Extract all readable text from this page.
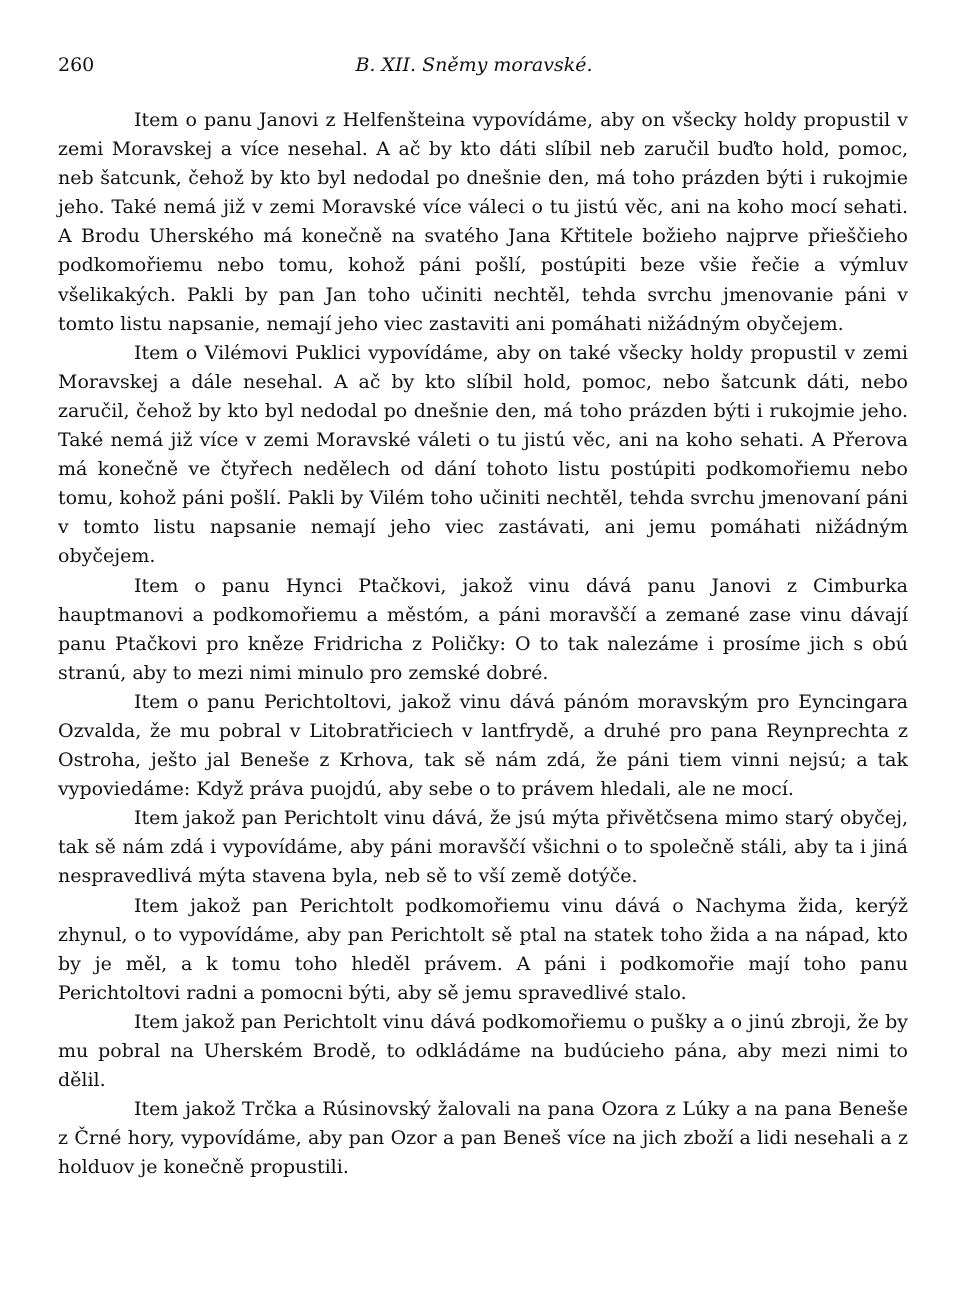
260	B. XII. Sněmy moravské.

Item o panu Janovi z Helfenšteina vypovídáme, aby on všecky holdy propustil v zemi Moravskej a více nesehal. A ač by kto dáti slíbil neb zaručil buďto hold, pomoc, neb šatcunk, čehož by kto byl nedodal po dnešnie den, má toho prázden býti i rukojmie jeho. Také nemá již v zemi Moravské více váleci o tu jistú věc, ani na koho mocí sehati. A Brodu Uherského má konečně na svatého Jana Křtitele božieho najprve přieščieho podkomořiemu nebo tomu, kohož páni pošlí, postúpiti beze všie řečie a výmluv všelikakých. Pakli by pan Jan toho učiniti nechtěl, tehda svrchu jmenovanie páni v tomto listu napsanie, nemají jeho viec zastaviti ani pomáhati nižádným obyčejem.

Item o Vilémovi Puklici vypovídáme, aby on také všecky holdy propustil v zemi Moravskej a dále nesehal. A ač by kto slíbil hold, pomoc, nebo šatcunk dáti, nebo zaručil, čehož by kto byl nedodal po dnešnie den, má toho prázden býti i rukojmie jeho. Také nemá již více v zemi Moravské váleti o tu jistú věc, ani na koho sehati. A Přerova má konečně ve čtyřech nedělech od dání tohoto listu postúpiti podkomořiemu nebo tomu, kohož páni pošlí. Pakli by Vilém toho učiniti nechtěl, tehda svrchu jmenovaní páni v tomto listu napsanie nemají jeho viec zastávati, ani jemu pomáhati nižádným obyčejem.

Item o panu Hynci Ptačkovi, jakož vinu dává panu Janovi z Cimburka hauptmanovi a podkomořiemu a městóm, a páni moravščí a zemané zase vinu dávají panu Ptačkovi pro kněze Fridricha z Poličky: O to tak nalezáme i prosíme jich s obú stranú, aby to mezi nimi minulo pro zemské dobré.

Item o panu Perichtoltovi, jakož vinu dává pánóm moravským pro Eyncingara Ozvalda, že mu pobral v Litobratřiciech v lantfrydě, a druhé pro pana Reynprechta z Ostroha, ješto jal Beneše z Krhova, tak sě nám zdá, že páni tiem vinni nejsú; a tak vypoviedáme: Když práva puojdú, aby sebe o to právem hledali, ale ne mocí.

Item jakož pan Perichtolt vinu dává, že jsú mýta přivětčsena mimo starý obyčej, tak sě nám zdá i vypovídáme, aby páni moravščí všichni o to společně stáli, aby ta i jiná nespravedlivá mýta stavena byla, neb sě to vší země dotýče.

Item jakož pan Perichtolt podkomořiemu vinu dává o Nachyma žida, kerýž zhynul, o to vypovídáme, aby pan Perichtolt sě ptal na statek toho žida a na nápad, kto by je měl, a k tomu toho hleděl právem. A páni i podkomořie mají toho panu Perichtoltovi radni a pomocni býti, aby sě jemu spravedlivé stalo.

Item jakož pan Perichtolt vinu dává podkomořiemu o pušky a o jinú zbroji, že by mu pobral na Uherském Brodě, to odkládáme na budúcieho pána, aby mezi nimi to dělil.

Item jakož Trčka a Rúsinovský žalovali na pana Ozora z Lúky a na pana Beneše z Črné hory, vypovídáme, aby pan Ozor a pan Beneš více na jich zboží a lidi nesehali a z holduov je konečně propustili.
